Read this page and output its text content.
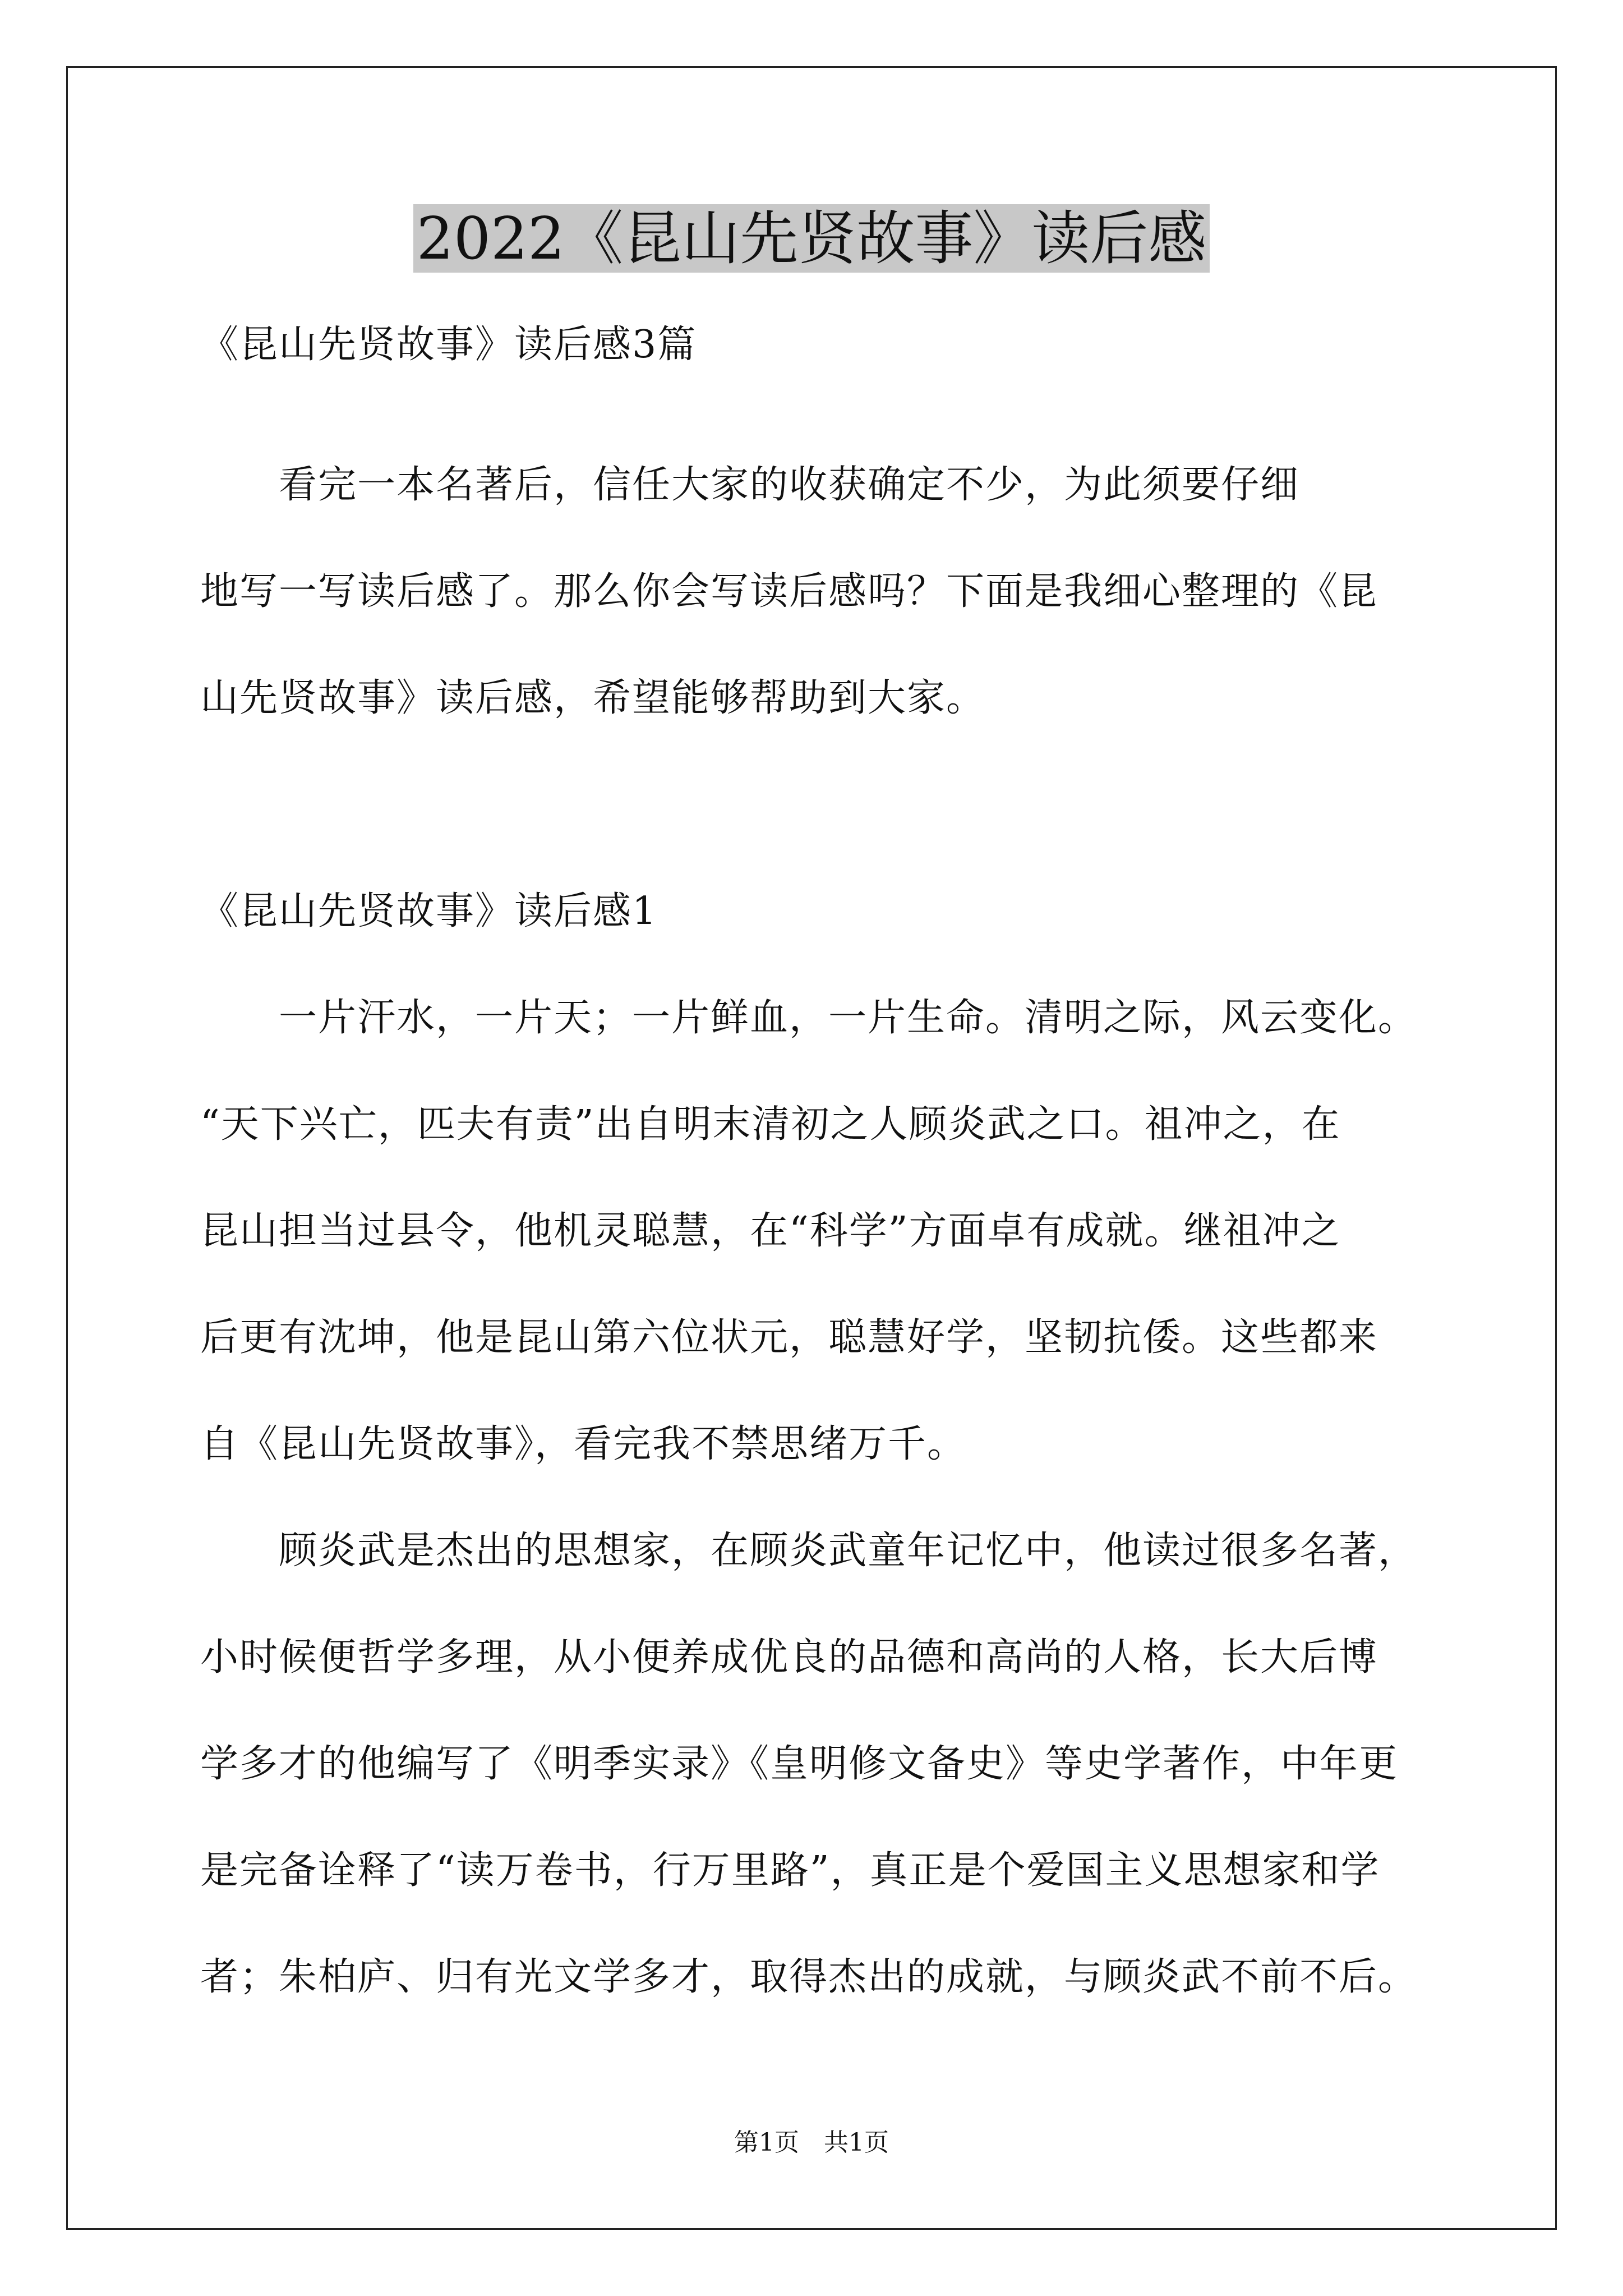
2022《昆山先贤故事》读后感

《昆山先贤故事》读后感3篇

　　看完一本名著后，信任大家的收获确定不少，为此须要仔细

地写一写读后感了。那么你会写读后感吗？下面是我细心整理的《昆

山先贤故事》读后感，希望能够帮助到大家。

《昆山先贤故事》读后感1

　　一片汗水，一片天；一片鲜血，一片生命。清明之际，风云变化。

“天下兴亡，匹夫有责”出自明末清初之人顾炎武之口。祖冲之，在

昆山担当过县令，他机灵聪慧，在“科学”方面卓有成就。继祖冲之

后更有沈坤，他是昆山第六位状元，聪慧好学，坚韧抗倭。这些都来

自《昆山先贤故事》，看完我不禁思绪万千。

　　顾炎武是杰出的思想家，在顾炎武童年记忆中，他读过很多名著，

小时候便哲学多理，从小便养成优良的品德和高尚的人格，长大后博

学多才的他编写了《明季实录》《皇明修文备史》等史学著作，中年更

是完备诠释了“读万卷书，行万里路”，真正是个爱国主义思想家和学

者；朱柏庐、归有光文学多才，取得杰出的成就，与顾炎武不前不后。

第1页　共1页
